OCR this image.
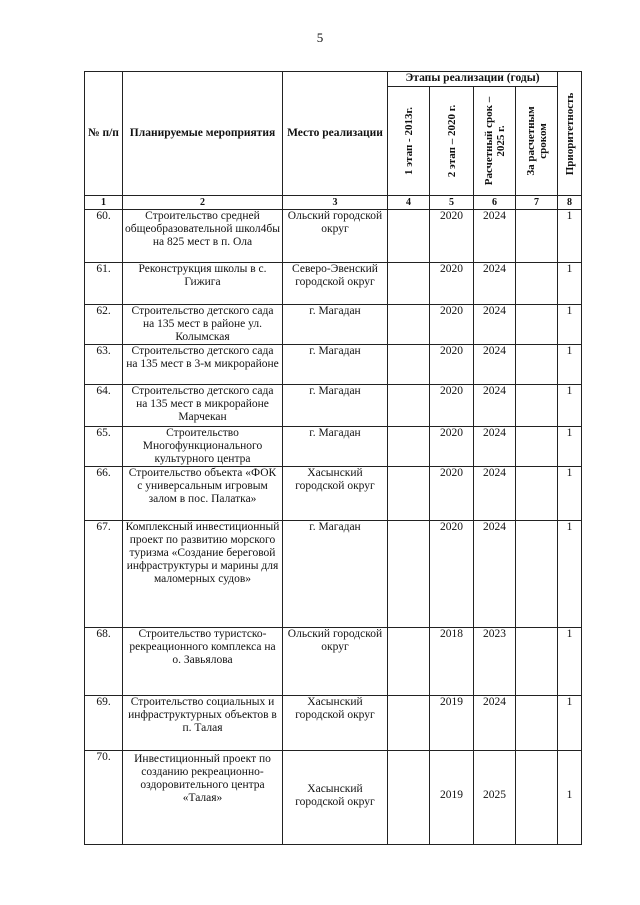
5
№ п/п	Планируемые мероприятия	Место реализации	Этапы реализации (годы)				Приоритетность

			1 этап - 2013г.	2 этап – 2020 г.	Расчетный срок – 2025 г.	За расчетным сроком	

1	2	3	4	5	6	7	8
60.	Строительство средней общеобразовательной школ4бы на 825 мест в п. Ола	Ольский городской округ		2020	2024		1
61.	Реконструкция школы в с. Гижига	Северо-Эвенский городской округ		2020	2024		1
62.	Строительство детского сада на 135 мест в районе ул. Колымская	г. Магадан		2020	2024		1
63.	Строительство детского сада на 135 мест в 3-м микрорайоне	г. Магадан		2020	2024		1
64.	Строительство детского сада на 135 мест в микрорайоне Марчекан	г. Магадан		2020	2024		1
65.	Строительство Многофункционального культурного центра	г. Магадан		2020	2024		1
66.	Строительство объекта «ФОК с универсальным игровым залом в пос. Палатка»	Хасынский городской округ		2020	2024		1
67.	Комплексный инвестиционный проект по развитию морского туризма «Создание береговой инфраструктуры и марины для маломерных судов»	г. Магадан		2020	2024		1
68.	Строительство туристско-рекреационного комплекса на о. Завьялова	Ольский городской округ		2018	2023		1
69.	Строительство социальных и инфраструктурных объектов в п. Талая	Хасынский городской округ		2019	2024		1
70.	Инвестиционный проект по созданию рекреационно-оздоровительного центра «Талая»	Хасынский городской округ		2019	2025		1
